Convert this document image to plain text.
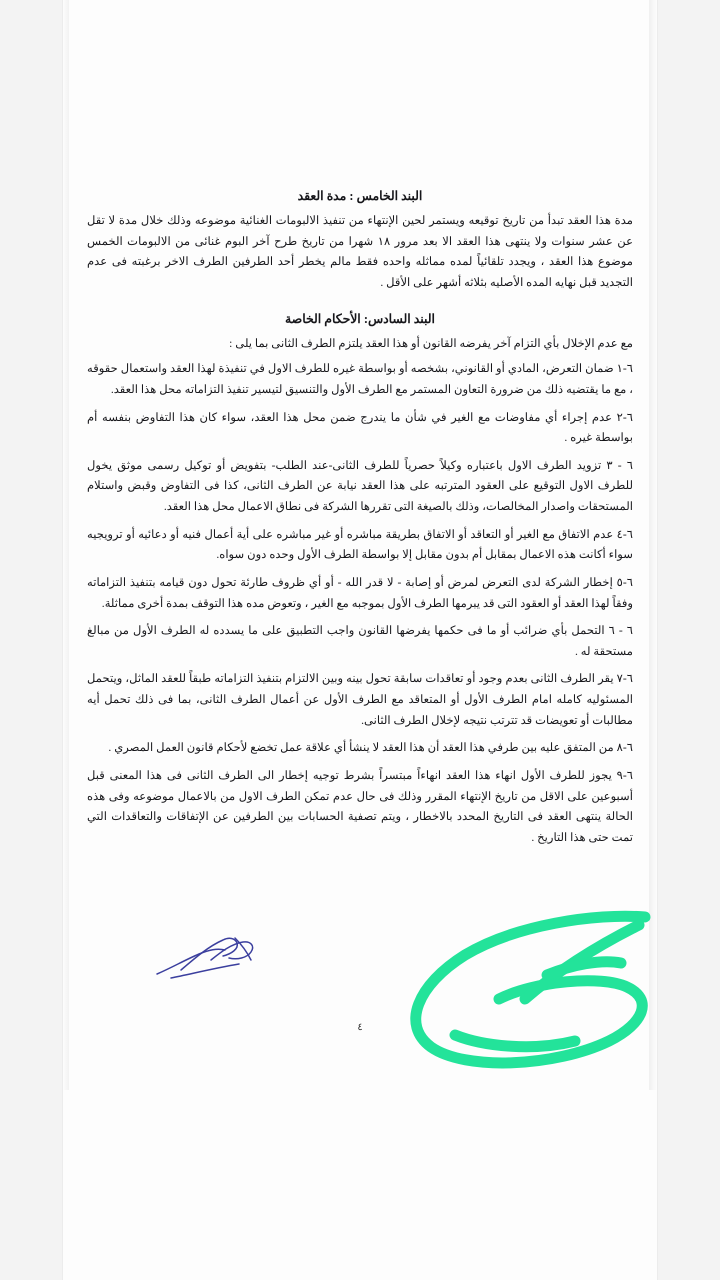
البند الخامس : مدة العقد

مدة هذا العقد تبدأ من تاريخ توقيعه ويستمر لحين الإنتهاء من تنفيذ الالبومات الغنائية موضوعه وذلك خلال مدة لا تقل عن عشر سنوات ولا ينتهى هذا العقد الا بعد مرور ١٨ شهرا من تاريخ طرح آخر البوم غنائى من الالبومات الخمس موضوع هذا العقد ، ويجدد تلقائياً لمده مماثله واحده فقط مالم يخطر أحد الطرفين الطرف الاخر برغبته فى عدم التجديد قبل نهايه المده الأصليه بثلاثه أشهر على الأقل .

البند السادس: الأحكام الخاصة

مع عدم الإخلال بأي التزام آخر يفرضه القانون أو هذا العقد يلتزم الطرف الثانى بما يلى :

٦-١ ضمان التعرض، المادي أو القانوني، بشخصه أو بواسطة غيره للطرف الاول في تنفيذة لهذا العقد واستعمال حقوقه ، مع ما يقتضيه ذلك من ضرورة التعاون المستمر مع الطرف الأول والتنسيق لتيسير تنفيذ التزاماته محل هذا العقد.

٦-٢ عدم إجراء أي مفاوضات مع الغير في شأن ما يندرج ضمن محل هذا العقد، سواء كان هذا التفاوض بنفسه أم بواسطة غيره .

٦ - ٣ تزويد الطرف الاول باعتباره وكيلاً حصرياً للطرف الثانى-عند الطلب- بتفويض أو توكيل رسمى موثق يخول للطرف الاول التوقيع على العقود المترتبه على هذا العقد نيابة عن الطرف الثانى، كذا فى التفاوض وقبض واستلام المستحقات واصدار المخالصات، وذلك بالصيغة التى تقررها الشركة فى نطاق الاعمال محل هذا العقد.

٦-٤ عدم الاتفاق مع الغير أو التعاقد أو الاتفاق بطريقة مباشره أو غير مباشره على أية أعمال فنيه أو دعائيه أو ترويجيه سواء أكانت هذه الاعمال بمقابل أم بدون مقابل إلا بواسطة الطرف الأول وحده دون سواه.

٦-٥ إخطار الشركة لدى التعرض لمرض أو إصابة - لا قدر الله - أو أي ظروف طارئة تحول دون قيامه بتنفيذ التزاماته وفقاً لهذا العقد أو العقود التى قد يبرمها الطرف الأول بموجبه مع الغير ، وتعوض مده هذا التوقف بمدة أخرى مماثلة.

٦ - ٦ التحمل بأي ضرائب أو ما فى حكمها يفرضها القانون واجب التطبيق على ما يسدده له الطرف الأول من مبالغ مستحقة له .

٦-٧ يقر الطرف الثانى بعدم وجود أو تعاقدات سابقة تحول بينه وبين الالتزام بتنفيذ التزاماته طبقاً للعقد الماثل، ويتحمل المسئوليه كامله امام الطرف الأول أو المتعاقد مع الطرف الأول عن أعمال الطرف الثانى، بما فى ذلك تحمل أيه مطالبات أو تعويضات قد تترتب نتيجه لإخلال الطرف الثانى.

٦-٨ من المتفق عليه بين طرفي هذا العقد أن هذا العقد لا ينشأ أي علاقة عمل تخضع لأحكام قانون العمل المصري .

٦-٩ يجوز للطرف الأول انهاء هذا العقد انهاءاً مبتسراً بشرط توجيه إخطار الى الطرف الثانى فى هذا المعنى قبل أسبوعين على الاقل من تاريخ الإنتهاء المقرر وذلك فى حال عدم تمكن الطرف الاول من بالاعمال موضوعه وفى هذه الحالة ينتهى العقد فى التاريخ المحدد بالاخطار ، ويتم تصفية الحسابات بين الطرفين عن الإتفاقات والتعاقدات التي تمت حتى هذا التاريخ .

٤
